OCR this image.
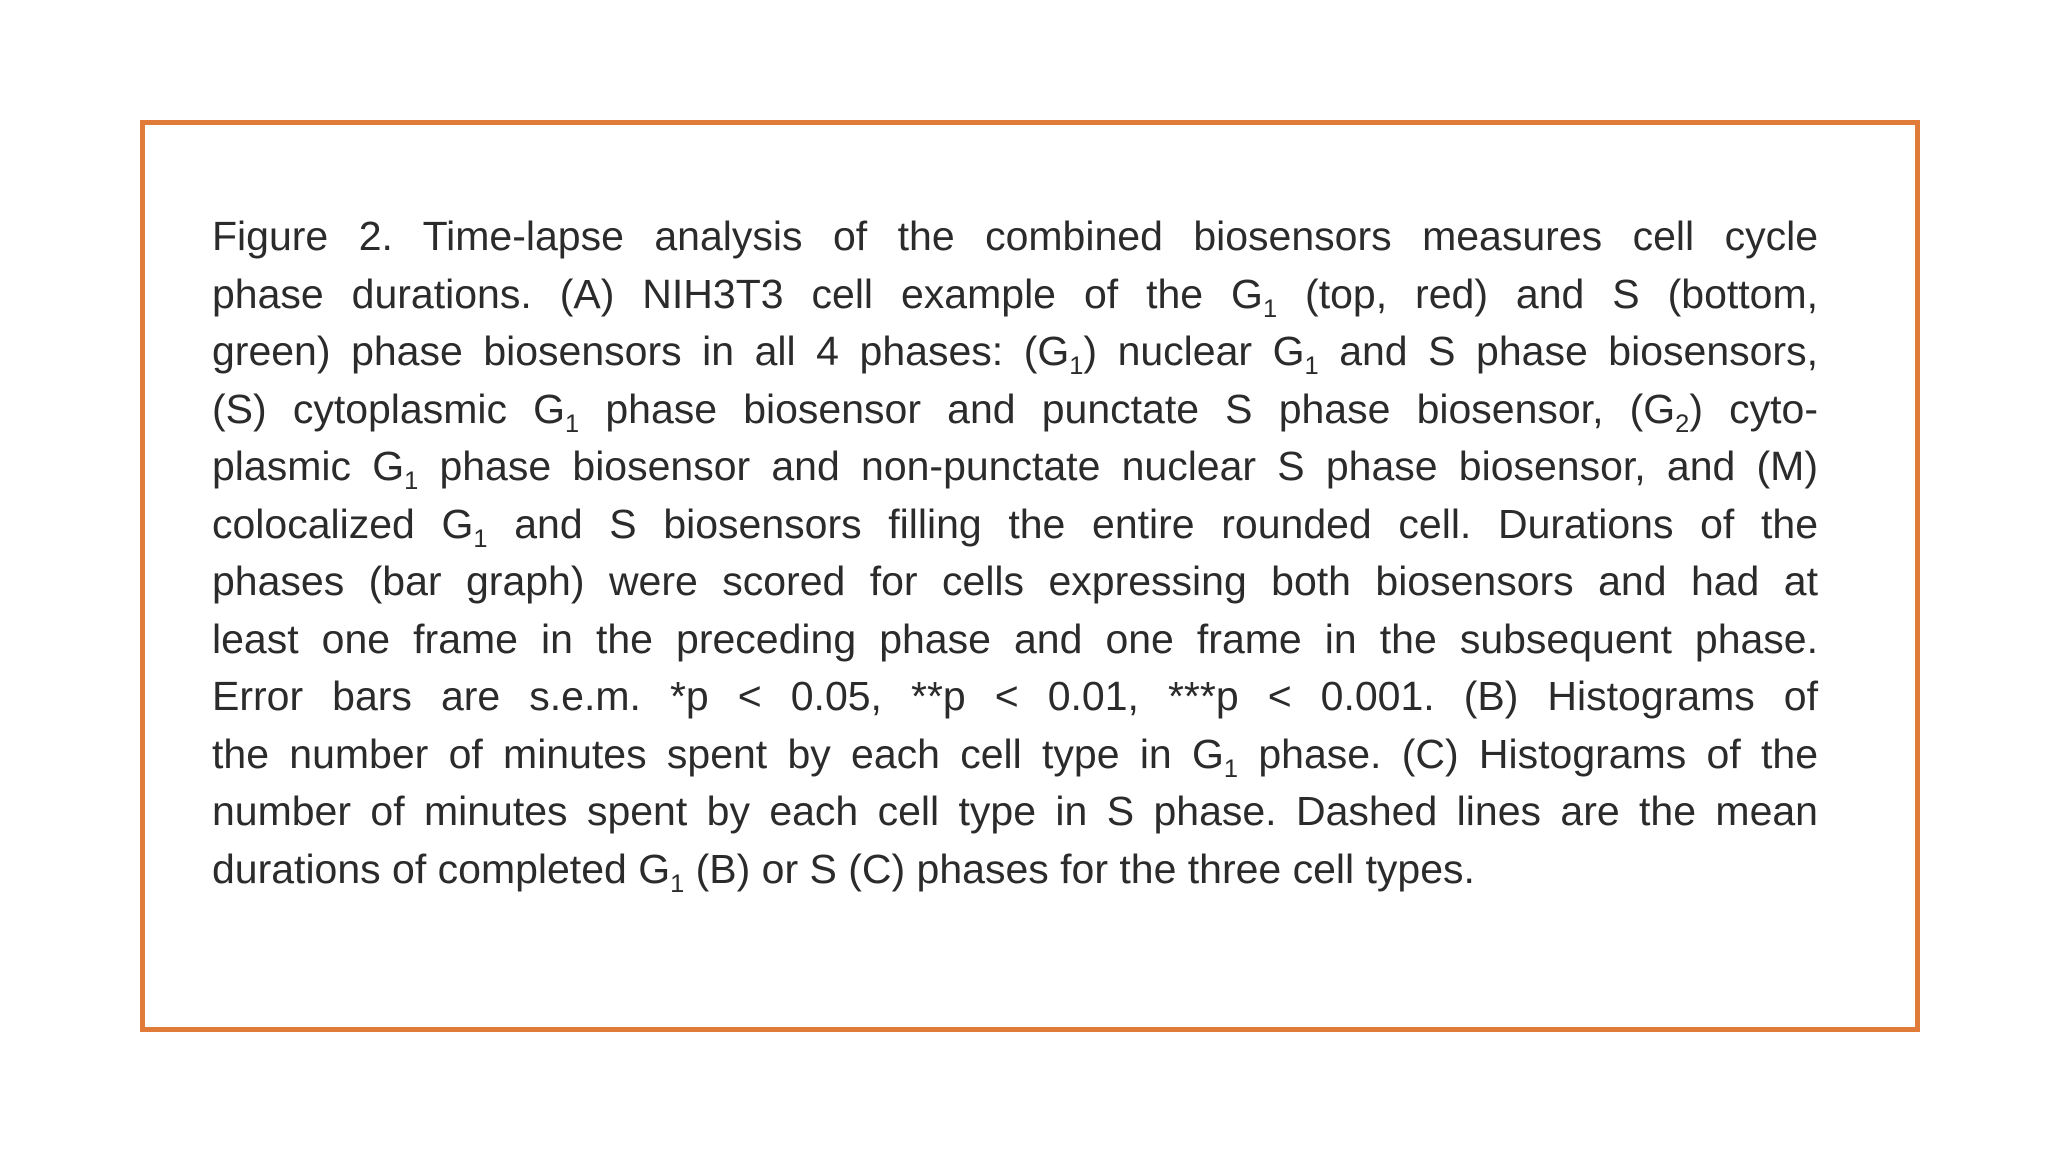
Figure 2. Time-lapse analysis of the combined biosensors measures cell cycle
phase durations. (A) NIH3T3 cell example of the $G_1$ (top, red) and S (bottom,
green) phase biosensors in all 4 phases: $(G_1)$ nuclear $G_1$ and S phase biosensors,
(S) cytoplasmic $G_1$ phase biosensor and punctate S phase biosensor, $(G_2)$ cyto-
plasmic $G_1$ phase biosensor and non-punctate nuclear S phase biosensor, and (M)
colocalized $G_1$ and S biosensors filling the entire rounded cell. Durations of the
phases (bar graph) were scored for cells expressing both biosensors and had at
least one frame in the preceding phase and one frame in the subsequent phase.
Error bars are s.e.m. *p < 0.05, **p < 0.01, ***p < 0.001. (B) Histograms of
the number of minutes spent by each cell type in $G_1$ phase. (C) Histograms of the
number of minutes spent by each cell type in S phase. Dashed lines are the mean
durations of completed $G_1$ (B) or S (C) phases for the three cell types.
